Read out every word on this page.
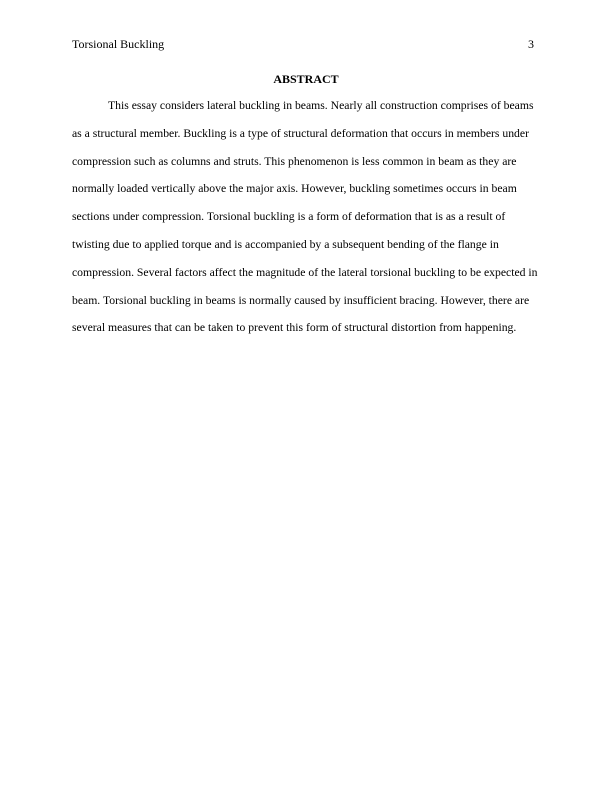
Torsional Buckling	3
ABSTRACT

This essay considers lateral buckling in beams. Nearly all construction comprises of beams as a structural member. Buckling is a type of structural deformation that occurs in members under compression such as columns and struts. This phenomenon is less common in beam as they are normally loaded vertically above the major axis. However, buckling sometimes occurs in beam sections under compression. Torsional buckling is a form of deformation that is as a result of twisting due to applied torque and is accompanied by a subsequent bending of the flange in compression. Several factors affect the magnitude of the lateral torsional buckling to be expected in beam. Torsional buckling in beams is normally caused by insufficient bracing. However, there are several measures that can be taken to prevent this form of structural distortion from happening.
